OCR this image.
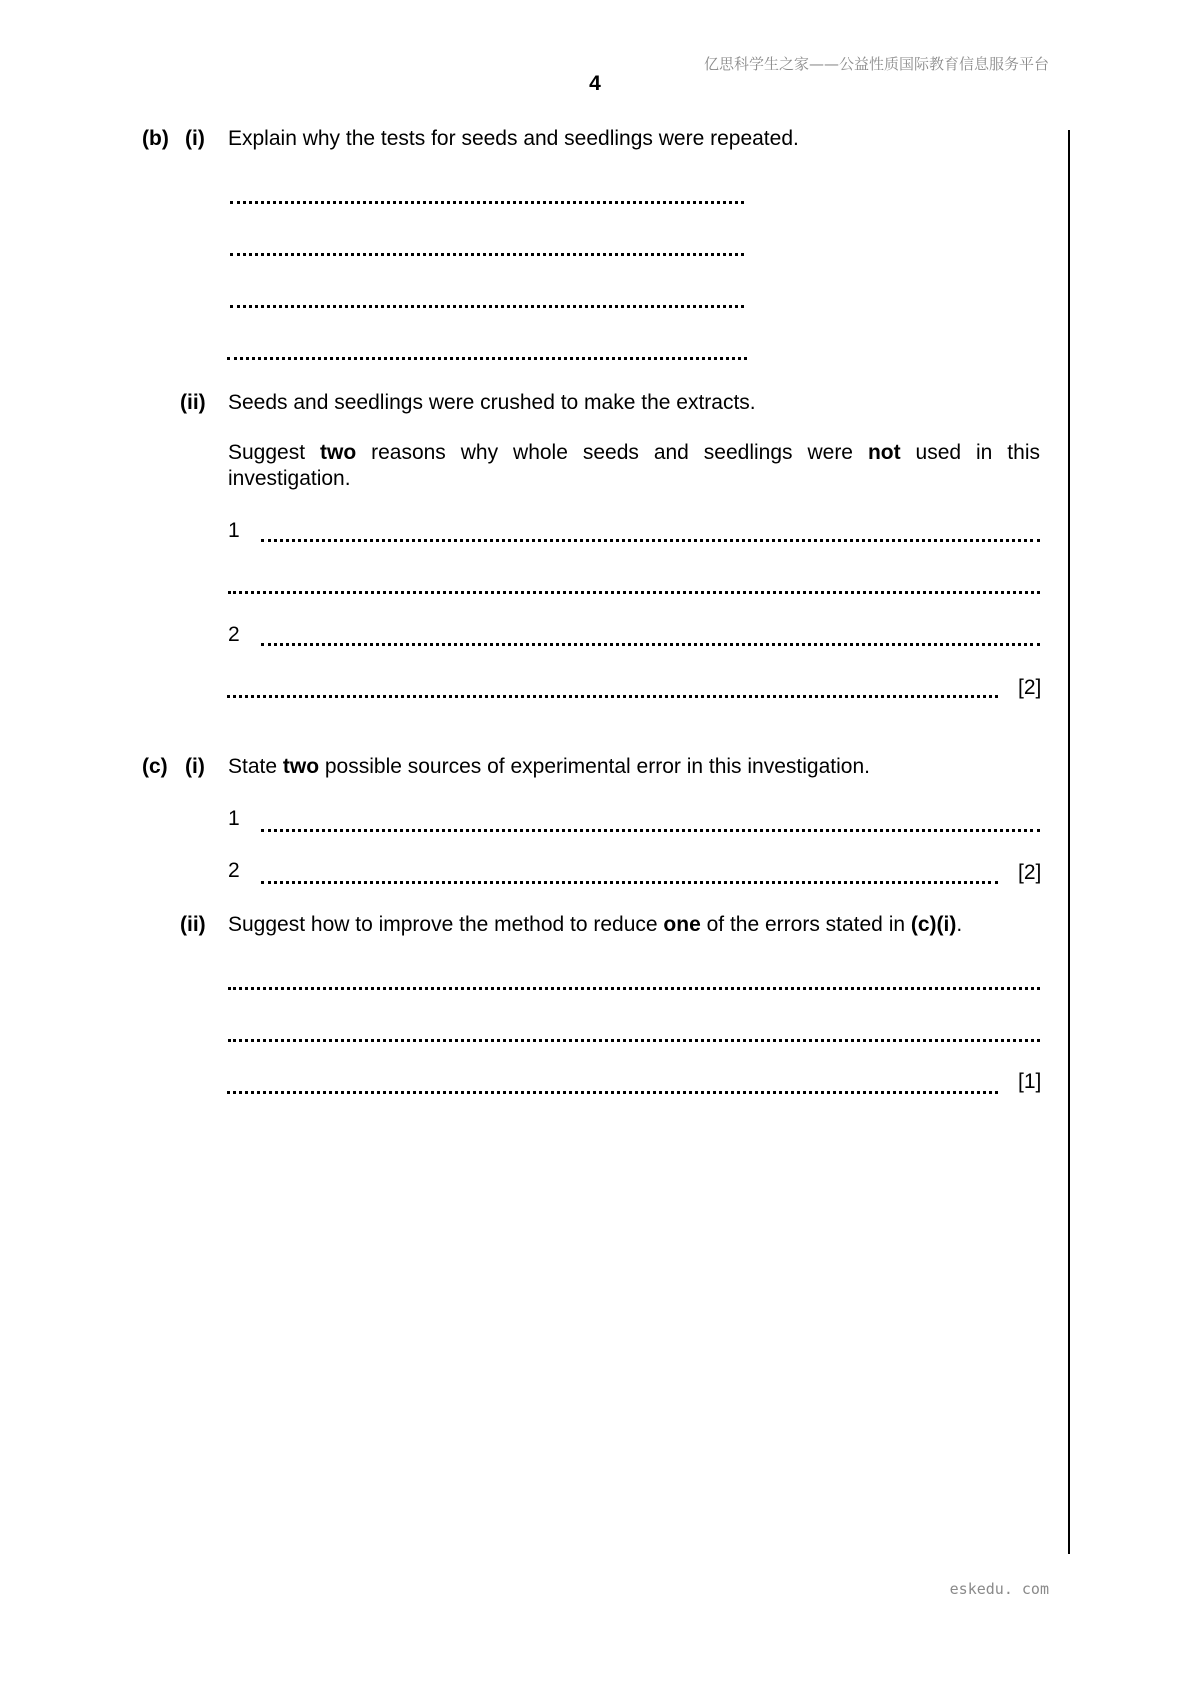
亿思科学生之家——公益性质国际教育信息服务平台
4
(b) (i) Explain why the tests for seeds and seedlings were repeated.
(ii) Seeds and seedlings were crushed to make the extracts.
Suggest two reasons why whole seeds and seedlings were not used in this investigation.
1
2
[2]
(c) (i) State two possible sources of experimental error in this investigation.
1
2	[2]
(ii) Suggest how to improve the method to reduce one of the errors stated in (c)(i).
[1]
eskedu. com
